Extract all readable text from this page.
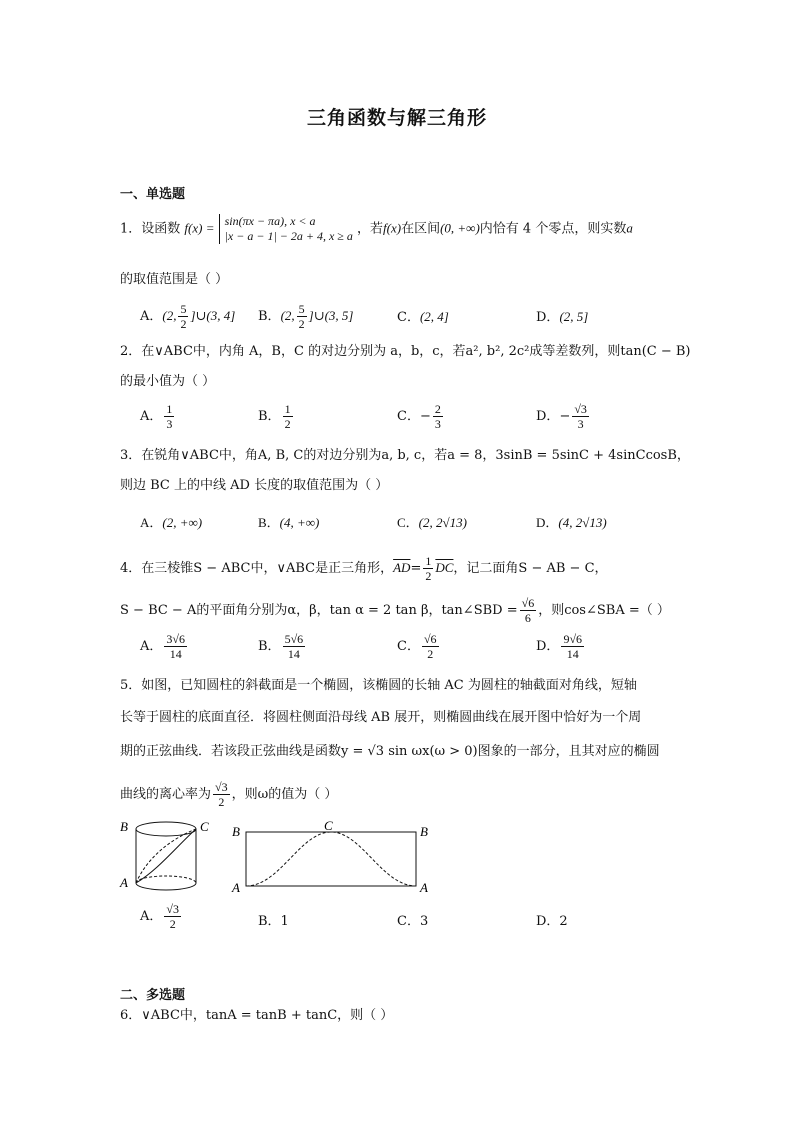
三角函数与解三角形
一、单选题
1．设函数 f(x) = sin(πx − πa), x < a
|x − a − 1| − 2a + 4, x ≥ a ，若f(x)在区间(0, +∞)内恰有 4 个零点，则实数a
的取值范围是（ ）
A．(2, $\frac{5}{2}$ ]∪(3, 4] B．(2, $\frac{5}{2}$ ]∪(3, 5]	C．(2, 4]	D．(2, 5]
2．在∨ABC中，内角 A，B，C 的对边分别为 a，b，c，若a², b², 2c²成等差数列，则tan(C − B)
的最小值为（ ）
A． $\frac{1}{3}$	B． $\frac{1}{2}$	C．− $\frac{2}{3}$	D．− $\frac{√3}{3}$
3．在锐角∨ABC中，角A, B, C的对边分别为a, b, c，若a = 8，3sinB = 5sinC + 4sinCcosB，
则边 BC 上的中线 AD 长度的取值范围为（ ）
A．(2, +∞)	B．(4, +∞)	C．(2, 2√13)	D．(4, 2√13)
4．在三棱锥S − ABC中，∨ABC是正三角形，$\overline{AD}= \frac{1}{2} \overline{DC}$，记二面角S − AB − C，
S − BC − A的平面角分别为α，β，tan α = 2 tan β，tan∠SBD = $\frac{√6}{6}$ ，则cos∠SBA =（ ）
A． $\frac{3√6}{14}$	B． $\frac{5√6}{14}$	C． $\frac{√6}{2}$	D． $\frac{9√6}{14}$
5．如图，已知圆柱的斜截面是一个椭圆，该椭圆的长轴 AC 为圆柱的轴截面对角线，短轴
长等于圆柱的底面直径．将圆柱侧面沿母线 AB 展开，则椭圆曲线在展开图中恰好为一个周
期的正弦曲线．若该段正弦曲线是函数y = √3 sin ωx(ω > 0)图象的一部分，且其对应的椭圆
曲线的离心率为 $\frac{√3}{2}$ ，则ω的值为（ ）
B	C
A
B	C	B
A	A
A． $\frac{√3}{2}$	B．1	C．3	D．2
二、多选题
6．∨ABC中，tanA = tanB + tanC，则（ ）
